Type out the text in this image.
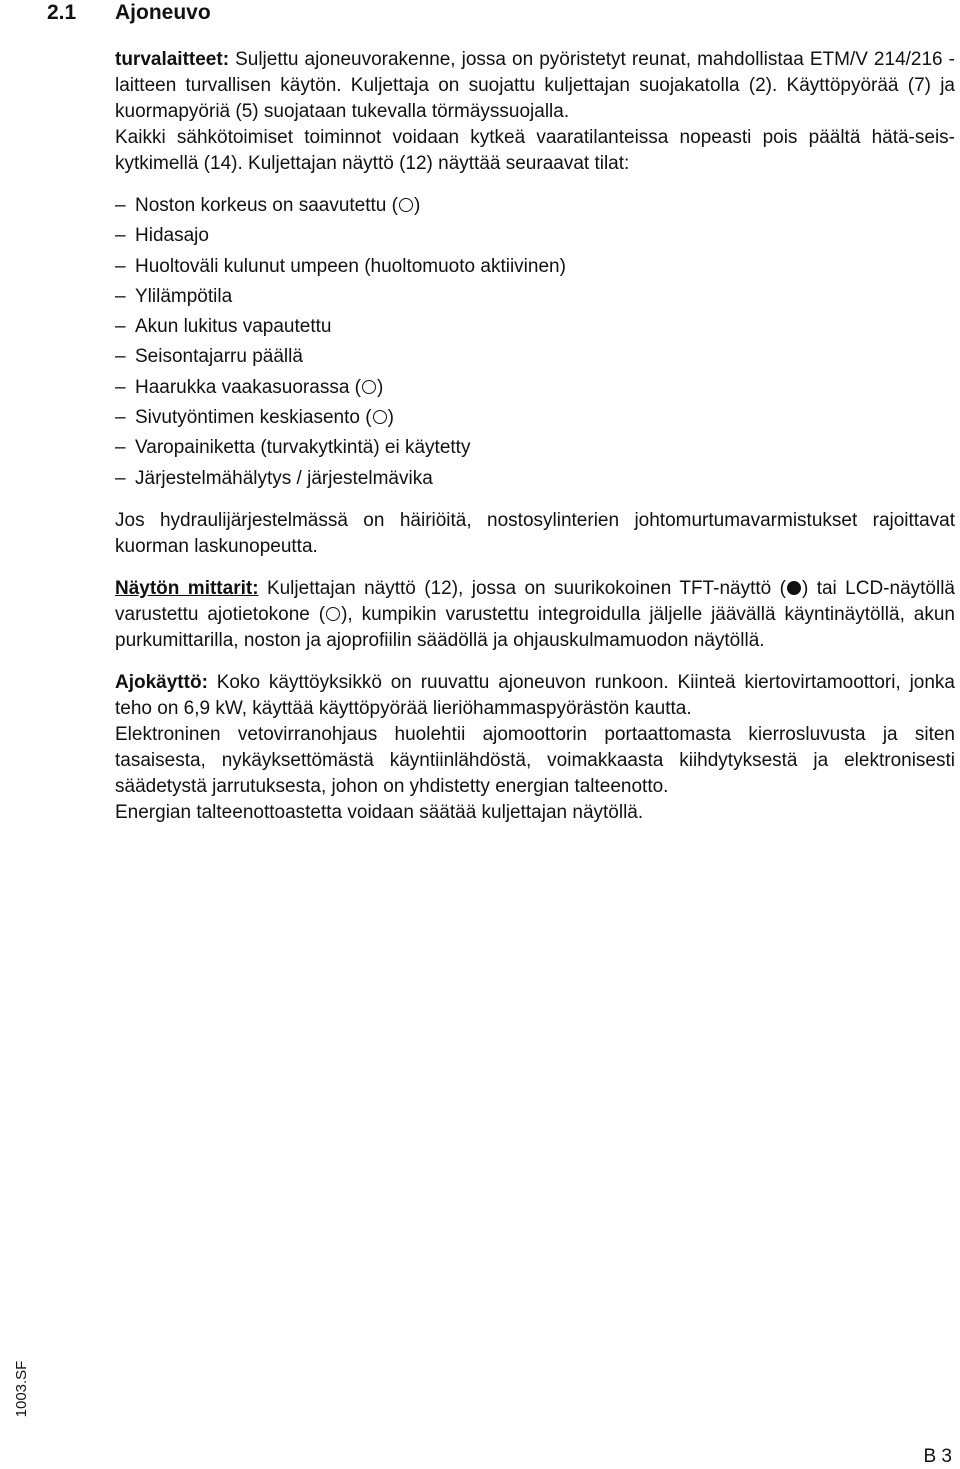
2.1 Ajoneuvo

turvalaitteet: Suljettu ajoneuvorakenne, jossa on pyöristetyt reunat, mahdollistaa ETM/V 214/216 -laitteen turvallisen käytön. Kuljettaja on suojattu kuljettajan suojakatolla (2). Käyttöpyörää (7) ja kuormapyöriä (5) suojataan tukevalla törmäyssuojalla.

Kaikki sähkötoimiset toiminnot voidaan kytkeä vaaratilanteissa nopeasti pois päältä hätä-seis-kytkimellä (14). Kuljettajan näyttö (12) näyttää seuraavat tilat:

– Noston korkeus on saavutettu ( )
– Hidasajo
– Huoltoväli kulunut umpeen (huoltomuoto aktiivinen)
– Ylilämpötila
– Akun lukitus vapautettu
– Seisontajarru päällä
– Haarukka vaakasuorassa ( )
– Sivutyöntimen keskiasento ( )
– Varopainiketta (turvakytkintä) ei käytetty
– Järjestelmähälytys / järjestelmävika

Jos hydraulijärjestelmässä on häiriöitä, nostosylinterien johtomurtumavarmistukset rajoittavat kuorman laskunopeutta.

Näytön mittarit: Kuljettajan näyttö (12), jossa on suurikokoinen TFT-näyttö ( ) tai LCD-näytöllä varustettu ajotietokone ( ), kumpikin varustettu integroidulla jäljelle jäävällä käyntinäytöllä, akun purkumittarilla, noston ja ajoprofiilin säädöllä ja ohjauskulmamuodon näytöllä.

Ajokäyttö: Koko käyttöyksikkö on ruuvattu ajoneuvon runkoon. Kiinteä kiertovirtamoottori, jonka teho on 6,9 kW, käyttää käyttöpyörää lieriöhammaspyörästön kautta.

Elektroninen vetovirranohjaus huolehtii ajomoottorin portaattomasta kierrosluvusta ja siten tasaisesta, nykäyksettömästä käyntiinlähdöstä, voimakkaasta kiihdytyksestä ja elektronisesti säädetystä jarrutuksesta, johon on yhdistetty energian talteenotto.

Energian talteenottoastetta voidaan säätää kuljettajan näytöllä.

1003.SF
B 3
